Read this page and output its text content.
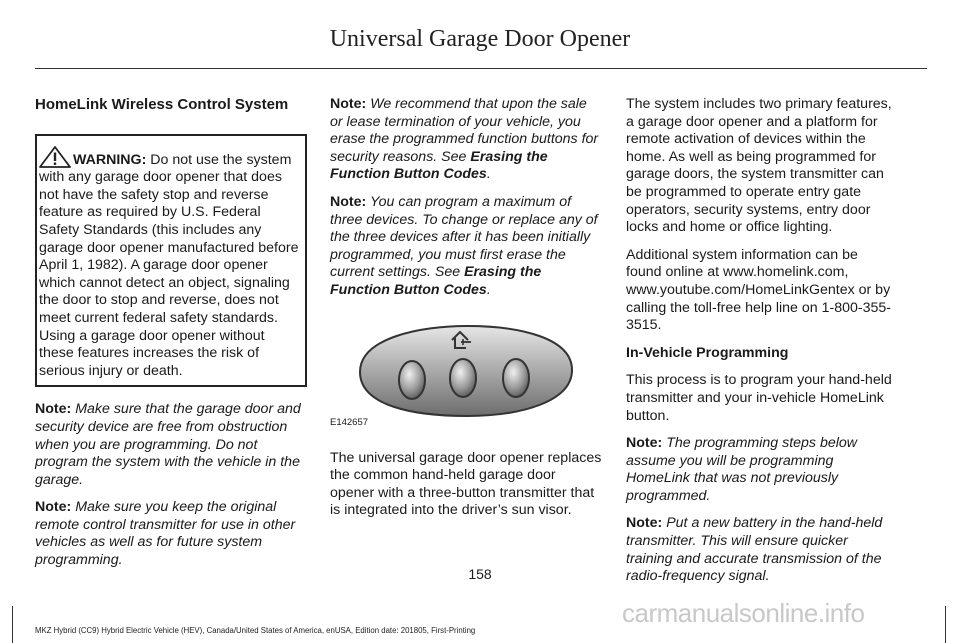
Universal Garage Door Opener

HomeLink Wireless Control System

WARNING: Do not use the system with any garage door opener that does not have the safety stop and reverse feature as required by U.S. Federal Safety Standards (this includes any garage door opener manufactured before April 1, 1982). A garage door opener which cannot detect an object, signaling the door to stop and reverse, does not meet current federal safety standards. Using a garage door opener without these features increases the risk of serious injury or death.

Note: Make sure that the garage door and security device are free from obstruction when you are programming. Do not program the system with the vehicle in the garage.

Note: Make sure you keep the original remote control transmitter for use in other vehicles as well as for future system programming.

Note: We recommend that upon the sale or lease termination of your vehicle, you erase the programmed function buttons for security reasons. See Erasing the Function Button Codes.

Note: You can program a maximum of three devices. To change or replace any of the three devices after it has been initially programmed, you must first erase the current settings. See Erasing the Function Button Codes.

E142657

The universal garage door opener replaces the common hand-held garage door opener with a three-button transmitter that is integrated into the driver’s sun visor.

The system includes two primary features, a garage door opener and a platform for remote activation of devices within the home. As well as being programmed for garage doors, the system transmitter can be programmed to operate entry gate operators, security systems, entry door locks and home or office lighting.

Additional system information can be found online at www.homelink.com, www.youtube.com/HomeLinkGentex or by calling the toll-free help line on 1-800-355-3515.

In-Vehicle Programming

This process is to program your hand-held transmitter and your in-vehicle HomeLink button.

Note: The programming steps below assume you will be programming HomeLink that was not previously programmed.

Note: Put a new battery in the hand-held transmitter. This will ensure quicker training and accurate transmission of the radio-frequency signal.

158
MKZ Hybrid (CC9) Hybrid Electric Vehicle (HEV), Canada/United States of America, enUSA, Edition date: 201805, First-Printing
carmanualsonline.info
